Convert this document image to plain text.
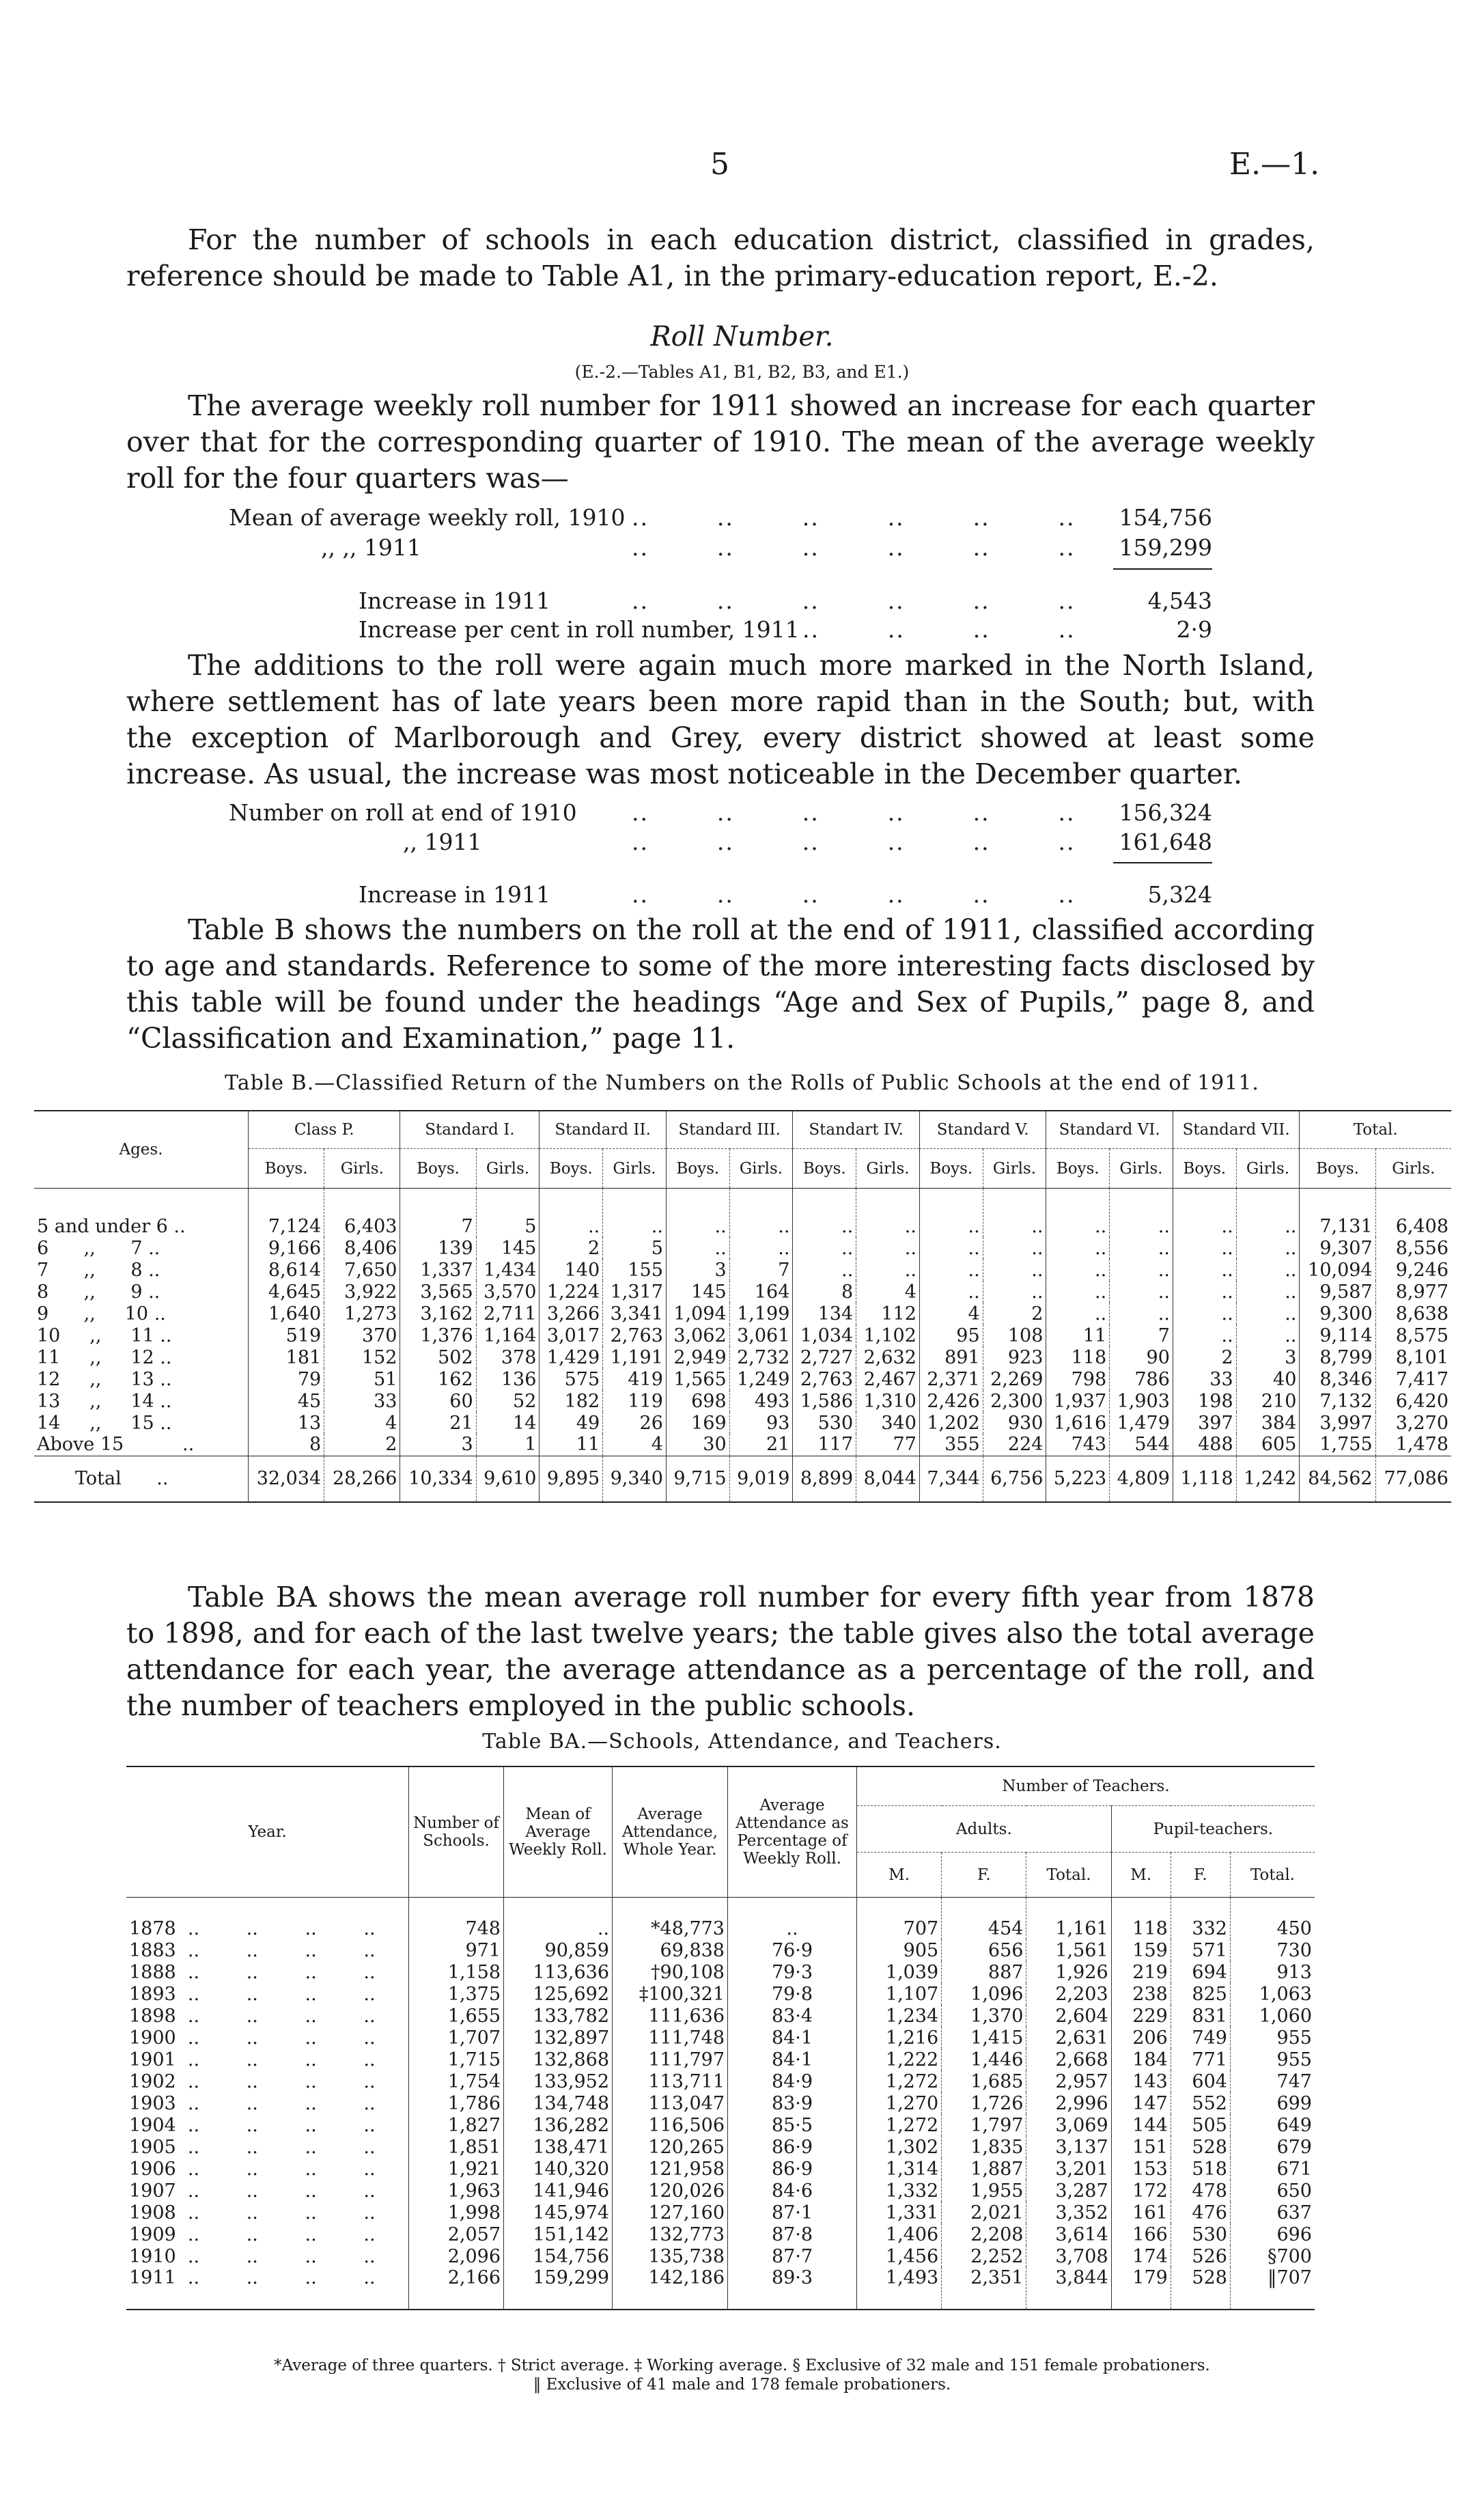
5	E.—1.
For the number of schools in each education district, classified in grades, reference should be made to Table A1, in the primary-education report, E.-2.
Roll Number.
(E.-2.—Tables A1, B1, B2, B3, and E1.)
The average weekly roll number for 1911 showed an increase for each quarter over that for the corresponding quarter of 1910. The mean of the average weekly roll for the four quarters was—
Mean of average weekly roll, 1910 ..        ..        ..        ..        ..        .. 154,756
,, ,, 1911	..        ..        ..        ..        ..        .. 159,299
Increase in 1911	..        ..        ..        ..        ..        ..	4,543
Increase per cent in roll number, 1911 ..        ..        ..        ..	2·9
The additions to the roll were again much more marked in the North Island, where settlement has of late years been more rapid than in the South; but, with the exception of Marlborough and Grey, every district showed at least some increase. As usual, the increase was most noticeable in the December quarter.
Number on roll at end of 1910 ..        ..        ..        ..        ..        .. 156,324
,, 1911	..        ..        ..        ..        ..        .. 161,648
Increase in 1911	..        ..        ..        ..        ..        ..	5,324
Table B shows the numbers on the roll at the end of 1911, classified according to age and standards. Reference to some of the more interesting facts disclosed by this table will be found under the headings “Age and Sex of Pupils,” page 8, and “Classification and Examination,” page 11.
Table B.—Classified Return of the Numbers on the Rolls of Public Schools at the end of 1911.
Ages.	Class P.		Standard I.		Standard II.		Standard III.		Standart IV.		Standard V.		Standard VI.		Standard VII.		Total.	
	Boys.	Girls.	Boys.	Girls.	Boys.	Girls.	Boys.	Girls.	Boys.	Girls.	Boys.	Girls.	Boys.	Girls.	Boys.	Girls.	Boys.	Girls.
5 and under 6 ..	7,124	6,403	7	5	..	..	..	..	..	..	..	..	..	..	..	..	7,131	6,408
6      ,,      7 ..	9,166	8,406	139	145	2	5	..	..	..	..	..	..	..	..	..	..	9,307	8,556
7      ,,      8 ..	8,614	7,650	1,337	1,434	140	155	3	7	..	..	..	..	..	..	..	..	10,094	9,246
8      ,,      9 ..	4,645	3,922	3,565	3,570	1,224	1,317	145	164	8	4	..	..	..	..	..	..	9,587	8,977
9      ,,     10 ..	1,640	1,273	3,162	2,711	3,266	3,341	1,094	1,199	134	112	4	2	..	..	..	..	9,300	8,638
10     ,,     11 ..	519	370	1,376	1,164	3,017	2,763	3,062	3,061	1,034	1,102	95	108	11	7	..	..	9,114	8,575
11     ,,     12 ..	181	152	502	378	1,429	1,191	2,949	2,732	2,727	2,632	891	923	118	90	2	3	8,799	8,101
12     ,,     13 ..	79	51	162	136	575	419	1,565	1,249	2,763	2,467	2,371	2,269	798	786	33	40	8,346	7,417
13     ,,     14 ..	45	33	60	52	182	119	698	493	1,586	1,310	2,426	2,300	1,937	1,903	198	210	7,132	6,420
14     ,,     15 ..	13	4	21	14	49	26	169	93	530	340	1,202	930	1,616	1,479	397	384	3,997	3,270
Above 15          ..	8	2	3	1	11	4	30	21	117	77	355	224	743	544	488	605	1,755	1,478
Total      ..	32,034	28,266	10,334	9,610	9,895	9,340	9,715	9,019	8,899	8,044	7,344	6,756	5,223	4,809	1,118	1,242	84,562	77,086
Table BA shows the mean average roll number for every fifth year from 1878 to 1898, and for each of the last twelve years; the table gives also the total average attendance for each year, the average attendance as a percentage of the roll, and the number of teachers employed in the public schools.
Table BA.—Schools, Attendance, and Teachers.
Year.	Number of Schools.	Mean of Average Weekly Roll.	Average Attendance, Whole Year.	Average Attendance as Percentage of Weekly Roll.	Number of Teachers.					
					Adults.			Pupil-teachers.		
					M.	F.	Total.	M.	F.	Total.
1878  ..        ..        ..        ..	748	..	*48,773	..	707	454	1,161	118	332	450
1883  ..        ..        ..        ..	971	90,859	69,838	76·9	905	656	1,561	159	571	730
1888  ..        ..        ..        ..	1,158	113,636	†90,108	79·3	1,039	887	1,926	219	694	913
1893  ..        ..        ..        ..	1,375	125,692	‡100,321	79·8	1,107	1,096	2,203	238	825	1,063
1898  ..        ..        ..        ..	1,655	133,782	111,636	83·4	1,234	1,370	2,604	229	831	1,060
1900  ..        ..        ..        ..	1,707	132,897	111,748	84·1	1,216	1,415	2,631	206	749	955
1901  ..        ..        ..        ..	1,715	132,868	111,797	84·1	1,222	1,446	2,668	184	771	955
1902  ..        ..        ..        ..	1,754	133,952	113,711	84·9	1,272	1,685	2,957	143	604	747
1903  ..        ..        ..        ..	1,786	134,748	113,047	83·9	1,270	1,726	2,996	147	552	699
1904  ..        ..        ..        ..	1,827	136,282	116,506	85·5	1,272	1,797	3,069	144	505	649
1905  ..        ..        ..        ..	1,851	138,471	120,265	86·9	1,302	1,835	3,137	151	528	679
1906  ..        ..        ..        ..	1,921	140,320	121,958	86·9	1,314	1,887	3,201	153	518	671
1907  ..        ..        ..        ..	1,963	141,946	120,026	84·6	1,332	1,955	3,287	172	478	650
1908  ..        ..        ..        ..	1,998	145,974	127,160	87·1	1,331	2,021	3,352	161	476	637
1909  ..        ..        ..        ..	2,057	151,142	132,773	87·8	1,406	2,208	3,614	166	530	696
1910  ..        ..        ..        ..	2,096	154,756	135,738	87·7	1,456	2,252	3,708	174	526	§700
1911  ..        ..        ..        ..	2,166	159,299	142,186	89·3	1,493	2,351	3,844	179	528	‖707
*Average of three quarters. † Strict average. ‡ Working average. § Exclusive of 32 male and 151 female probationers.
‖ Exclusive of 41 male and 178 female probationers.
